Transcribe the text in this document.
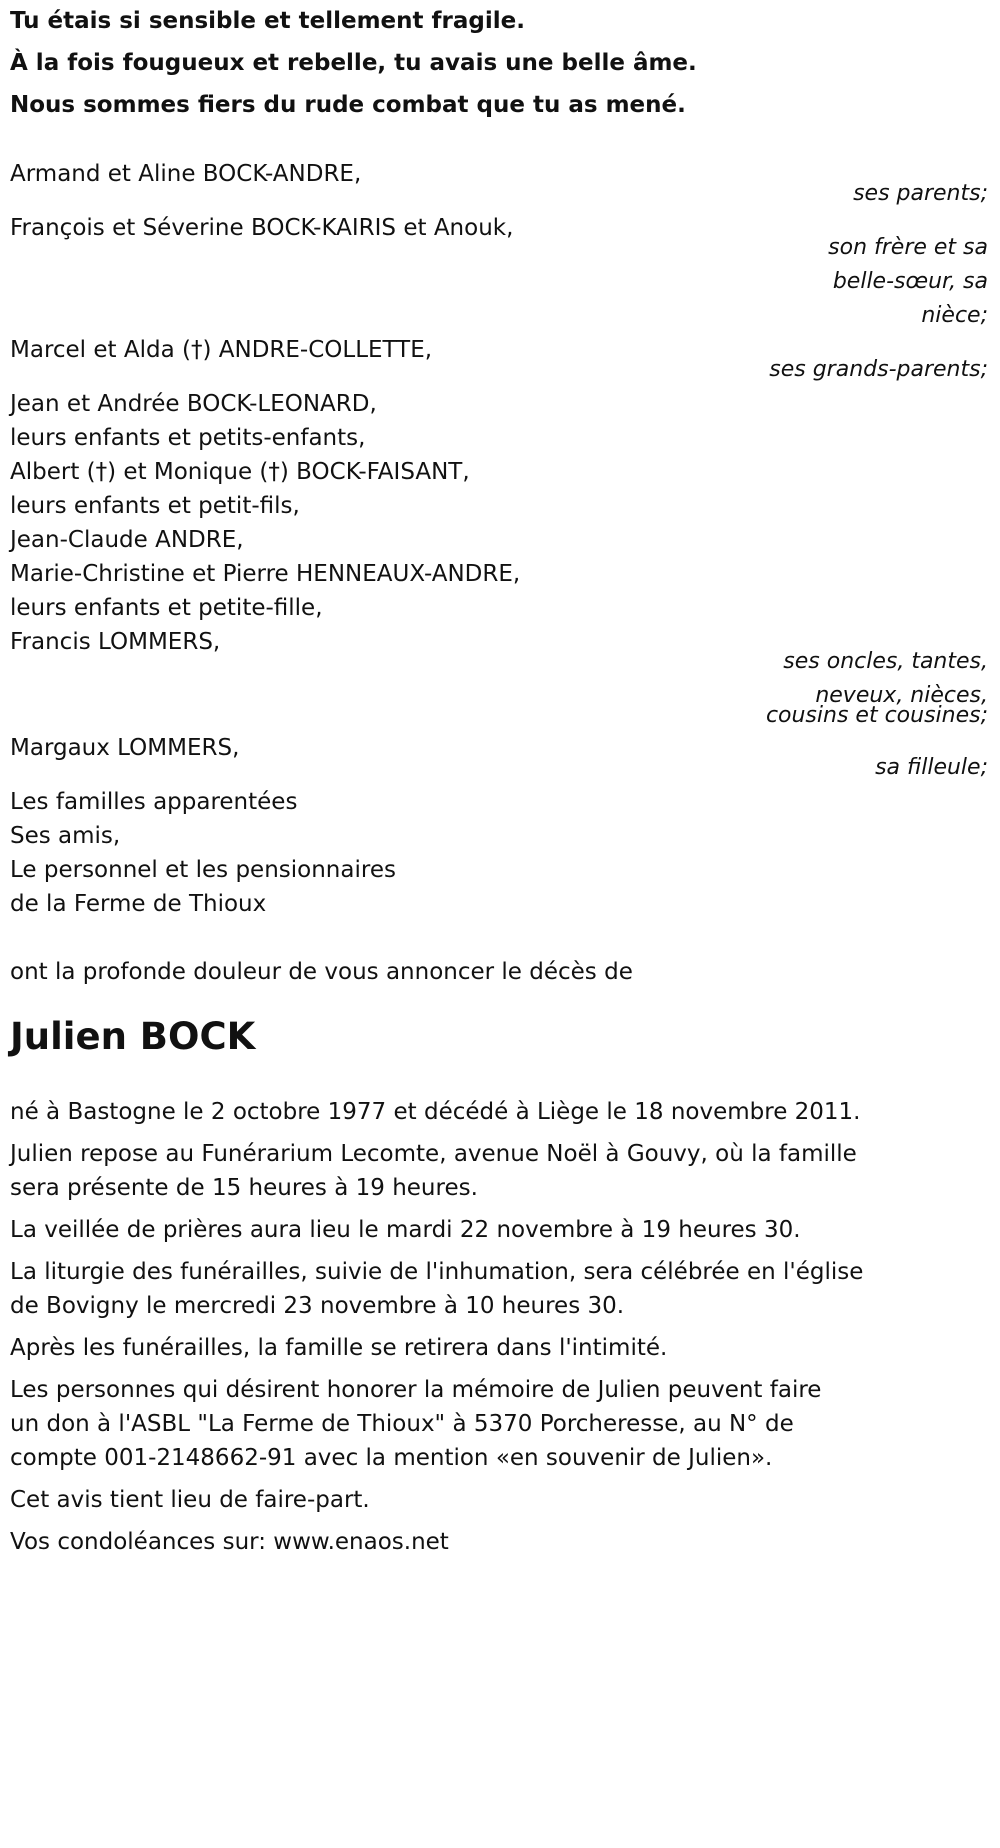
Tu étais si sensible et tellement fragile.
À la fois fougueux et rebelle, tu avais une belle âme.
Nous sommes fiers du rude combat que tu as mené.
Armand et Aline BOCK-ANDRE,
ses parents;
François et Séverine BOCK-KAIRIS et Anouk,
son frère et sa
belle-sœur, sa
nièce;
Marcel et Alda (†) ANDRE-COLLETTE,
ses grands-parents;
Jean et Andrée BOCK-LEONARD,
leurs enfants et petits-enfants,
Albert (†) et Monique (†) BOCK-FAISANT,
leurs enfants et petit-fils,
Jean-Claude ANDRE,
Marie-Christine et Pierre HENNEAUX-ANDRE,
leurs enfants et petite-fille,
Francis LOMMERS,
ses oncles, tantes,
neveux, nièces,
cousins et cousines;
Margaux LOMMERS,
sa filleule;
Les familles apparentées
Ses amis,
Le personnel et les pensionnaires
de la Ferme de Thioux
ont la profonde douleur de vous annoncer le décès de
Julien BOCK
né à Bastogne le 2 octobre 1977 et décédé à Liège le 18 novembre 2011.
Julien repose au Funérarium Lecomte, avenue Noël à Gouvy, où la famille
sera présente de 15 heures à 19 heures.
La veillée de prières aura lieu le mardi 22 novembre à 19 heures 30.
La liturgie des funérailles, suivie de l'inhumation, sera célébrée en l'église
de Bovigny le mercredi 23 novembre à 10 heures 30.
Après les funérailles, la famille se retirera dans l'intimité.
Les personnes qui désirent honorer la mémoire de Julien peuvent faire
un don à l'ASBL "La Ferme de Thioux" à 5370 Porcheresse, au N° de
compte 001-2148662-91 avec la mention «en souvenir de Julien».
Cet avis tient lieu de faire-part.
Vos condoléances sur: www.enaos.net
